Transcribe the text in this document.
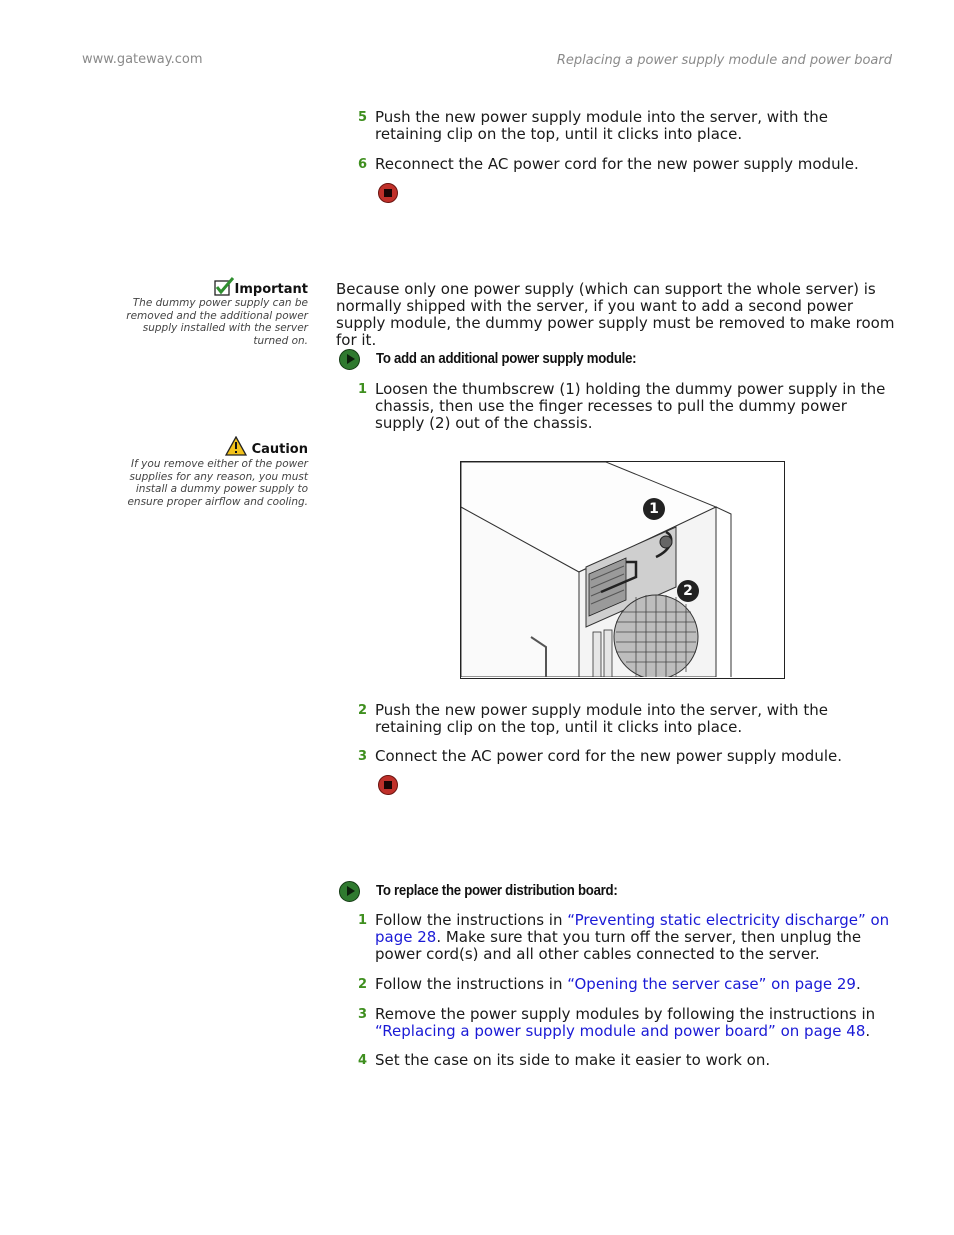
www.gateway.com	Replacing a power supply module and power board
5 Push the new power supply module into the server, with the retaining clip on the top, until it clicks into place.
6 Reconnect the AC power cord for the new power supply module.
Important
The dummy power supply can be removed and the additional power supply installed with the server turned on.
Caution
If you remove either of the power supplies for any reason, you must install a dummy power supply to ensure proper airflow and cooling.
Because only one power supply (which can support the whole server) is normally shipped with the server, if you want to add a second power supply module, the dummy power supply must be removed to make room for it.
To add an additional power supply module:
1 Loosen the thumbscrew (1) holding the dummy power supply in the chassis, then use the finger recesses to pull the dummy power supply (2) out of the chassis.
1
2
2 Push the new power supply module into the server, with the retaining clip on the top, until it clicks into place.
3 Connect the AC power cord for the new power supply module.
To replace the power distribution board:
1 Follow the instructions in “Preventing static electricity discharge” on page 28. Make sure that you turn off the server, then unplug the power cord(s) and all other cables connected to the server.
2 Follow the instructions in “Opening the server case” on page 29.
3 Remove the power supply modules by following the instructions in “Replacing a power supply module and power board” on page 48.
4 Set the case on its side to make it easier to work on.
